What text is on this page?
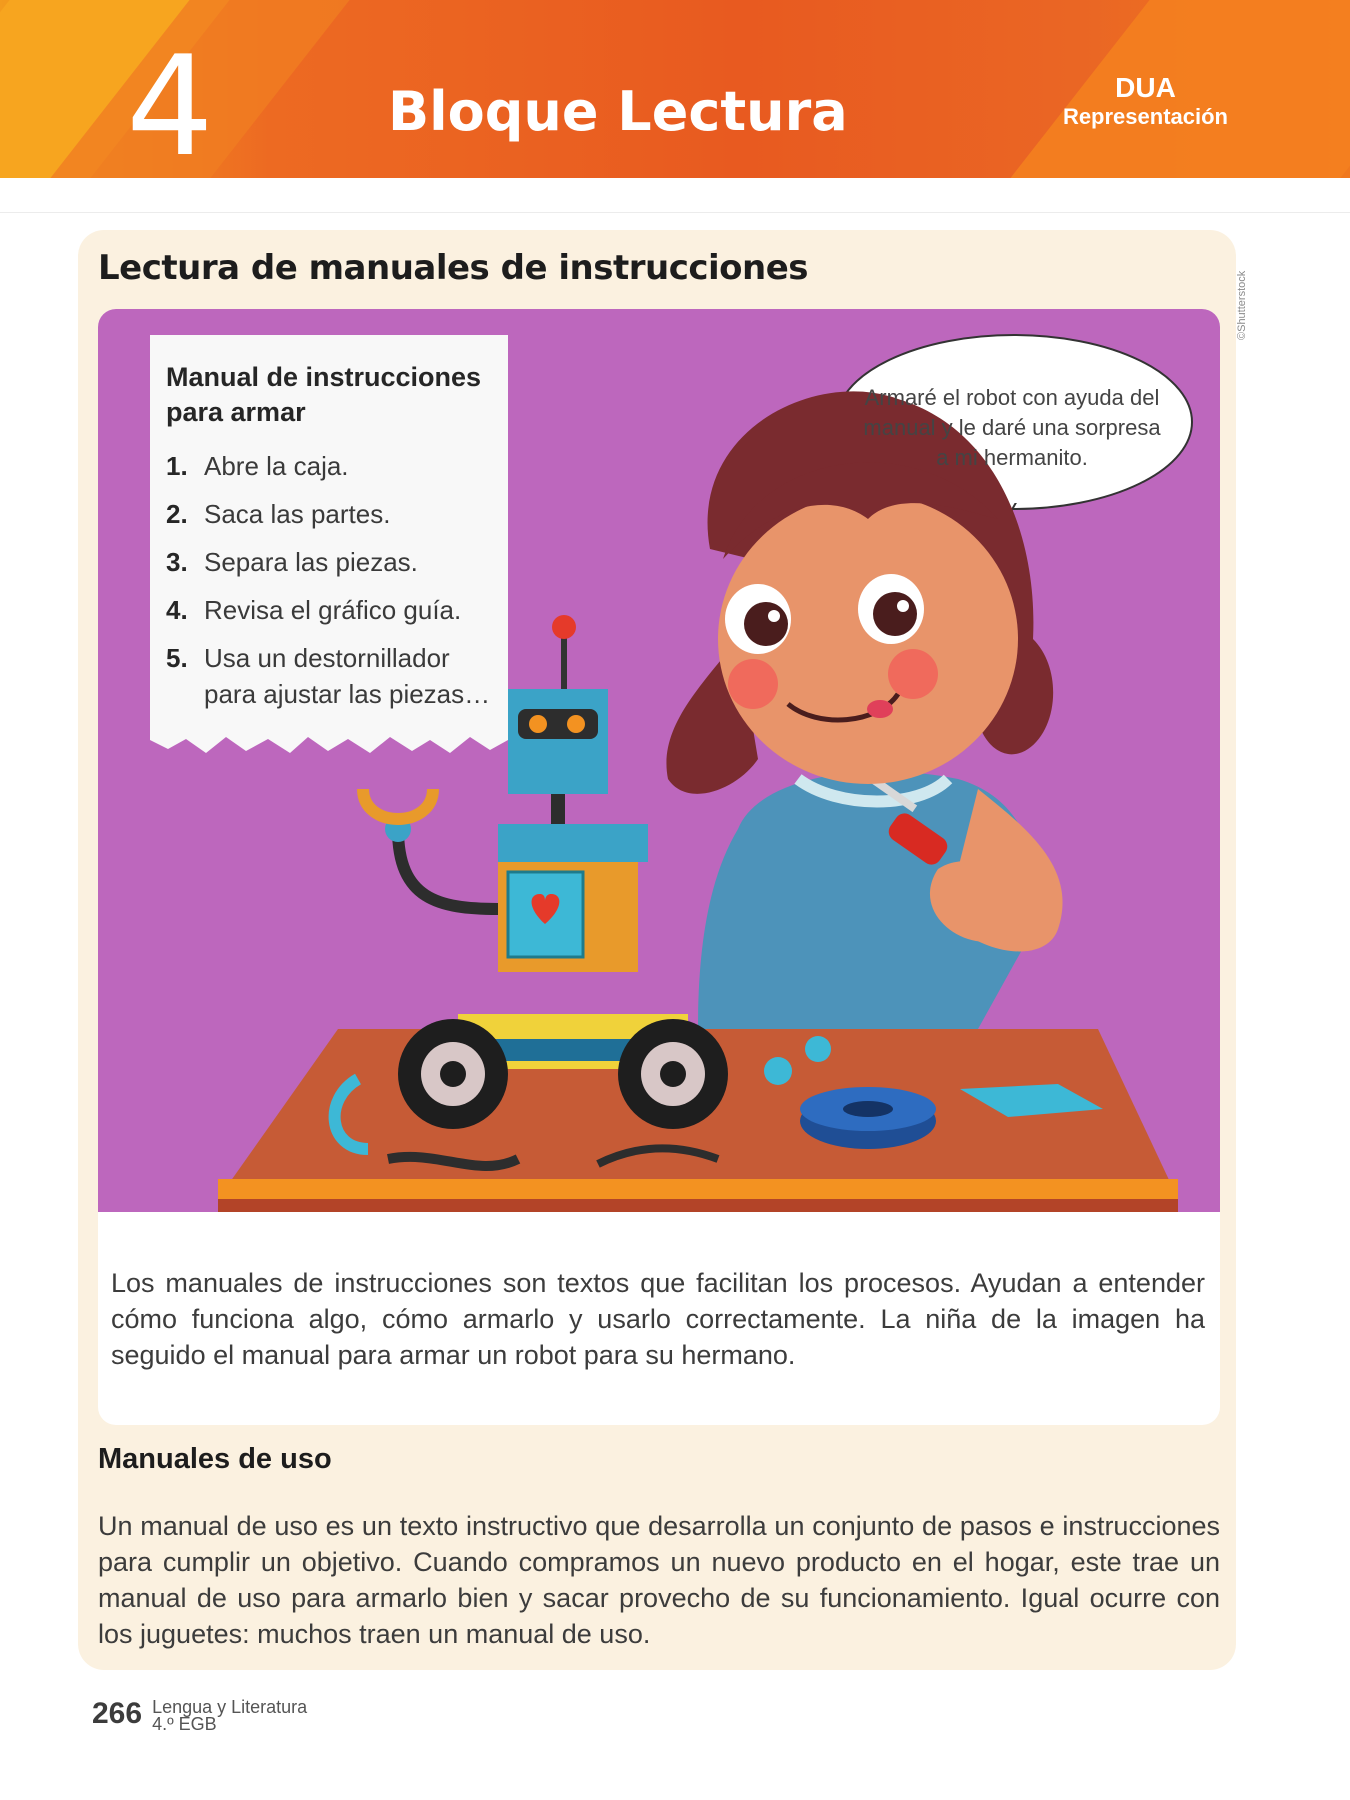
4	Bloque Lectura	DUA
Representación
Lectura de manuales de instrucciones
©Shutterstock
Manual de instrucciones para armar
1. Abre la caja.
2. Saca las partes.
3. Separa las piezas.
4. Revisa el gráfico guía.
5. Usa un destornillador para ajustar las piezas…
Armaré el robot con ayuda del manual y le daré una sorpresa a mi hermanito.

Los manuales de instrucciones son textos que facilitan los procesos. Ayudan a entender cómo funciona algo, cómo armarlo y usarlo correctamente. La niña de la imagen ha seguido el manual para armar un robot para su hermano.

Manuales de uso

Un manual de uso es un texto instructivo que desarrolla un conjunto de pasos e instrucciones para cumplir un objetivo. Cuando compramos un nuevo producto en el hogar, este trae un manual de uso para armarlo bien y sacar provecho de su funcionamiento. Igual ocurre con los juguetes: muchos traen un manual de uso.

266 Lengua y Literatura
4.º EGB
